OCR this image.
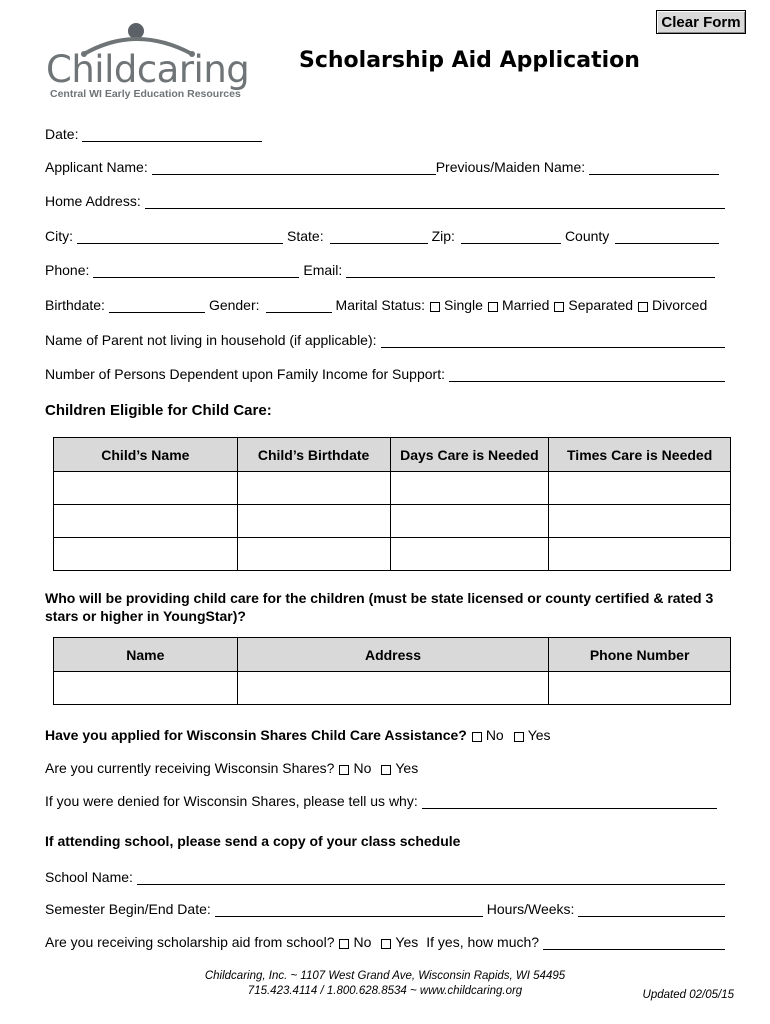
Clear Form
Childcaring
Central WI Early Education Resources
Scholarship Aid Application
Date:
Applicant Name:	Previous/Maiden Name:
Home Address:
City:	State:	Zip:	County
Phone:	Email:
Birthdate:	Gender:	Marital Status: Single Married Separated Divorced
Name of Parent not living in household (if applicable):
Number of Persons Dependent upon Family Income for Support:
Children Eligible for Child Care:
Child’s Name	Child’s Birthdate	Days Care is Needed	Times Care is Needed

Who will be providing child care for the children (must be state licensed or county certified & rated 3 stars or higher in YoungStar)?
Name	Address	Phone Number

Have you applied for Wisconsin Shares Child Care Assistance? No Yes
Are you currently receiving Wisconsin Shares? No Yes
If you were denied for Wisconsin Shares, please tell us why:
If attending school, please send a copy of your class schedule
School Name:
Semester Begin/End Date:	Hours/Weeks:
Are you receiving scholarship aid from school? No Yes If yes, how much?
Childcaring, Inc. ~ 1107 West Grand Ave, Wisconsin Rapids, WI 54495
715.423.4114 / 1.800.628.8534 ~ www.childcaring.org	Updated 02/05/15
